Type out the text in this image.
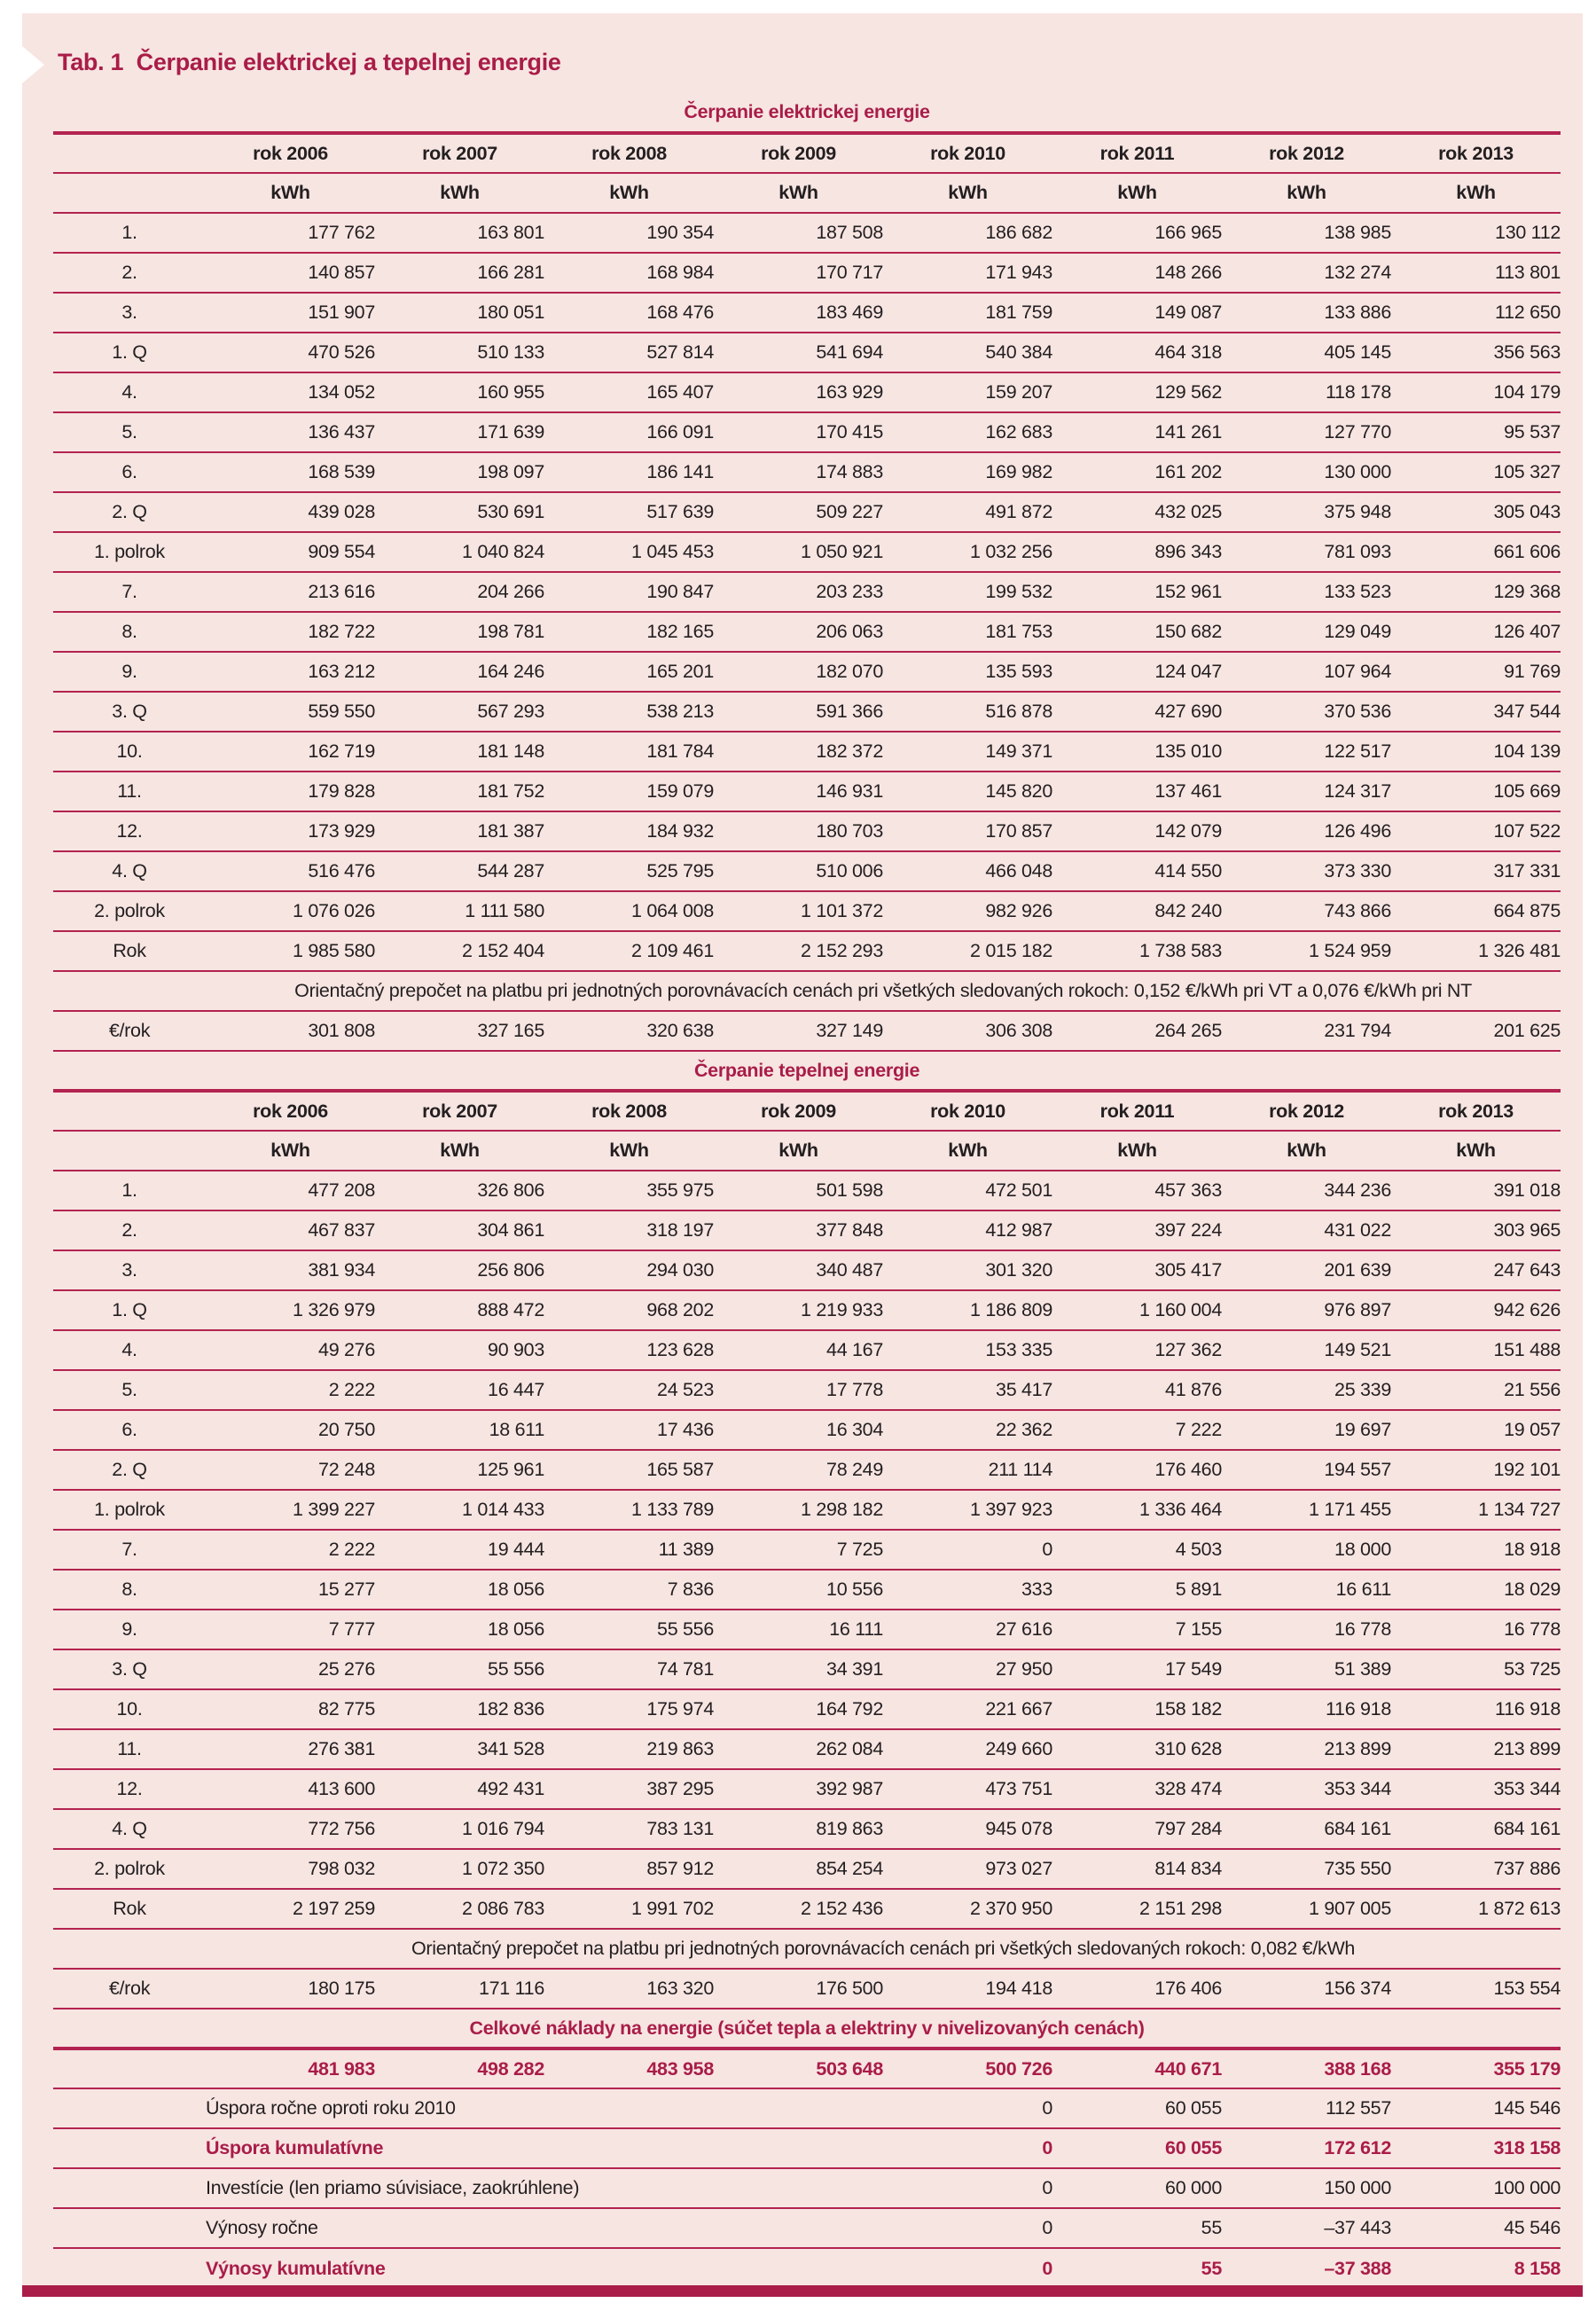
Tab. 1  Čerpanie elektrickej a tepelnej energie
Čerpanie elektrickej energie								
	rok 2006	rok 2007	rok 2008	rok 2009	rok 2010	rok 2011	rok 2012	rok 2013
	kWh	kWh	kWh	kWh	kWh	kWh	kWh	kWh
1.	177 762	163 801	190 354	187 508	186 682	166 965	138 985	130 112
2.	140 857	166 281	168 984	170 717	171 943	148 266	132 274	113 801
3.	151 907	180 051	168 476	183 469	181 759	149 087	133 886	112 650
1. Q	470 526	510 133	527 814	541 694	540 384	464 318	405 145	356 563
4.	134 052	160 955	165 407	163 929	159 207	129 562	118 178	104 179
5.	136 437	171 639	166 091	170 415	162 683	141 261	127 770	95 537
6.	168 539	198 097	186 141	174 883	169 982	161 202	130 000	105 327
2. Q	439 028	530 691	517 639	509 227	491 872	432 025	375 948	305 043
1. polrok	909 554	1 040 824	1 045 453	1 050 921	1 032 256	896 343	781 093	661 606
7.	213 616	204 266	190 847	203 233	199 532	152 961	133 523	129 368
8.	182 722	198 781	182 165	206 063	181 753	150 682	129 049	126 407
9.	163 212	164 246	165 201	182 070	135 593	124 047	107 964	91 769
3. Q	559 550	567 293	538 213	591 366	516 878	427 690	370 536	347 544
10.	162 719	181 148	181 784	182 372	149 371	135 010	122 517	104 139
11.	179 828	181 752	159 079	146 931	145 820	137 461	124 317	105 669
12.	173 929	181 387	184 932	180 703	170 857	142 079	126 496	107 522
4. Q	516 476	544 287	525 795	510 006	466 048	414 550	373 330	317 331
2. polrok	1 076 026	1 111 580	1 064 008	1 101 372	982 926	842 240	743 866	664 875
Rok	1 985 580	2 152 404	2 109 461	2 152 293	2 015 182	1 738 583	1 524 959	1 326 481
	Orientačný prepočet na platbu pri jednotných porovnávacích cenách pri všetkých sledovaných rokoch: 0,152 €/kWh pri VT a 0,076 €/kWh pri NT							
€/rok	301 808	327 165	320 638	327 149	306 308	264 265	231 794	201 625
Čerpanie tepelnej energie								
	rok 2006	rok 2007	rok 2008	rok 2009	rok 2010	rok 2011	rok 2012	rok 2013
	kWh	kWh	kWh	kWh	kWh	kWh	kWh	kWh
1.	477 208	326 806	355 975	501 598	472 501	457 363	344 236	391 018
2.	467 837	304 861	318 197	377 848	412 987	397 224	431 022	303 965
3.	381 934	256 806	294 030	340 487	301 320	305 417	201 639	247 643
1. Q	1 326 979	888 472	968 202	1 219 933	1 186 809	1 160 004	976 897	942 626
4.	49 276	90 903	123 628	44 167	153 335	127 362	149 521	151 488
5.	2 222	16 447	24 523	17 778	35 417	41 876	25 339	21 556
6.	20 750	18 611	17 436	16 304	22 362	7 222	19 697	19 057
2. Q	72 248	125 961	165 587	78 249	211 114	176 460	194 557	192 101
1. polrok	1 399 227	1 014 433	1 133 789	1 298 182	1 397 923	1 336 464	1 171 455	1 134 727
7.	2 222	19 444	11 389	7 725	0	4 503	18 000	18 918
8.	15 277	18 056	7 836	10 556	333	5 891	16 611	18 029
9.	7 777	18 056	55 556	16 111	27 616	7 155	16 778	16 778
3. Q	25 276	55 556	74 781	34 391	27 950	17 549	51 389	53 725
10.	82 775	182 836	175 974	164 792	221 667	158 182	116 918	116 918
11.	276 381	341 528	219 863	262 084	249 660	310 628	213 899	213 899
12.	413 600	492 431	387 295	392 987	473 751	328 474	353 344	353 344
4. Q	772 756	1 016 794	783 131	819 863	945 078	797 284	684 161	684 161
2. polrok	798 032	1 072 350	857 912	854 254	973 027	814 834	735 550	737 886
Rok	2 197 259	2 086 783	1 991 702	2 152 436	2 370 950	2 151 298	1 907 005	1 872 613
	Orientačný prepočet na platbu pri jednotných porovnávacích cenách pri všetkých sledovaných rokoch: 0,082 €/kWh							
€/rok	180 175	171 116	163 320	176 500	194 418	176 406	156 374	153 554
Celkové náklady na energie (súčet tepla a elektriny v nivelizovaných cenách)								
	481 983	498 282	483 958	503 648	500 726	440 671	388 168	355 179
	Úspora ročne oproti roku 2010				0	60 055	112 557	145 546
	Úspora kumulatívne				0	60 055	172 612	318 158
	Investície (len priamo súvisiace, zaokrúhlene)				0	60 000	150 000	100 000
	Výnosy ročne				0	55	–37 443	45 546
	Výnosy kumulatívne				0	55	–37 388	8 158
